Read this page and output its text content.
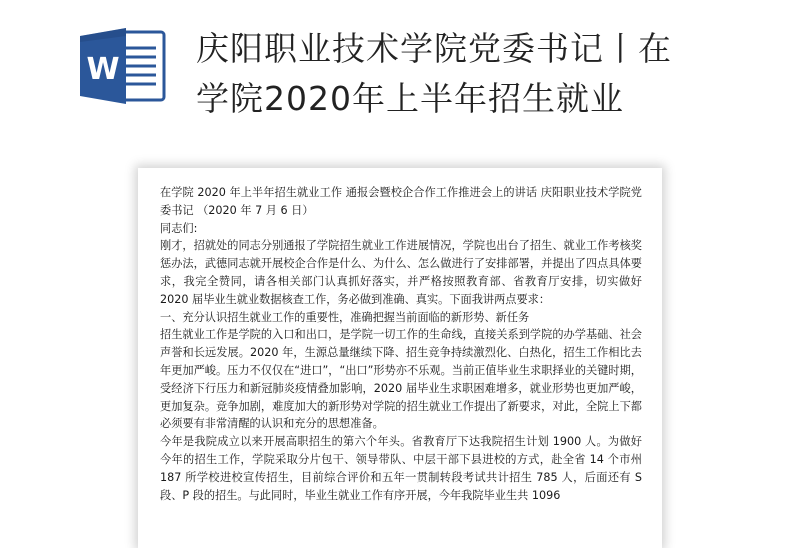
W
庆阳职业技术学院党委书记丨在
学院2020年上半年招生就业

在学院 2020 年上半年招生就业工作 通报会暨校企合作工作推进会上的讲话 庆阳职业技术学院党委书记 （2020 年 7 月 6 日）

同志们:

刚才，招就处的同志分别通报了学院招生就业工作进展情况，学院也出台了招生、就业工作考核奖惩办法，武德同志就开展校企合作是什么、为什么、怎么做进行了安排部署，并提出了四点具体要求，我完全赞同，请各相关部门认真抓好落实，并严格按照教育部、省教育厅安排，切实做好 2020 届毕业生就业数据核查工作，务必做到准确、真实。下面我讲两点要求：

一、充分认识招生就业工作的重要性，准确把握当前面临的新形势、新任务

招生就业工作是学院的入口和出口，是学院一切工作的生命线，直接关系到学院的办学基础、社会声誉和长远发展。2020 年，生源总量继续下降、招生竞争持续激烈化、白热化，招生工作相比去年更加严峻。压力不仅仅在“进口”，“出口”形势亦不乐观。当前正值毕业生求职择业的关键时期，受经济下行压力和新冠肺炎疫情叠加影响，2020 届毕业生求职困难增多，就业形势也更加严峻，更加复杂。竞争加剧，难度加大的新形势对学院的招生就业工作提出了新要求，对此，全院上下都必须要有非常清醒的认识和充分的思想准备。

今年是我院成立以来开展高职招生的第六个年头。省教育厅下达我院招生计划 1900 人。为做好今年的招生工作，学院采取分片包干、领导带队、中层干部下县进校的方式，赴全省 14 个市州 187 所学校进校宣传招生，目前综合评价和五年一贯制转段考试共计招生 785 人，后面还有 S 段、P 段的招生。与此同时，毕业生就业工作有序开展，今年我院毕业生共 1096
